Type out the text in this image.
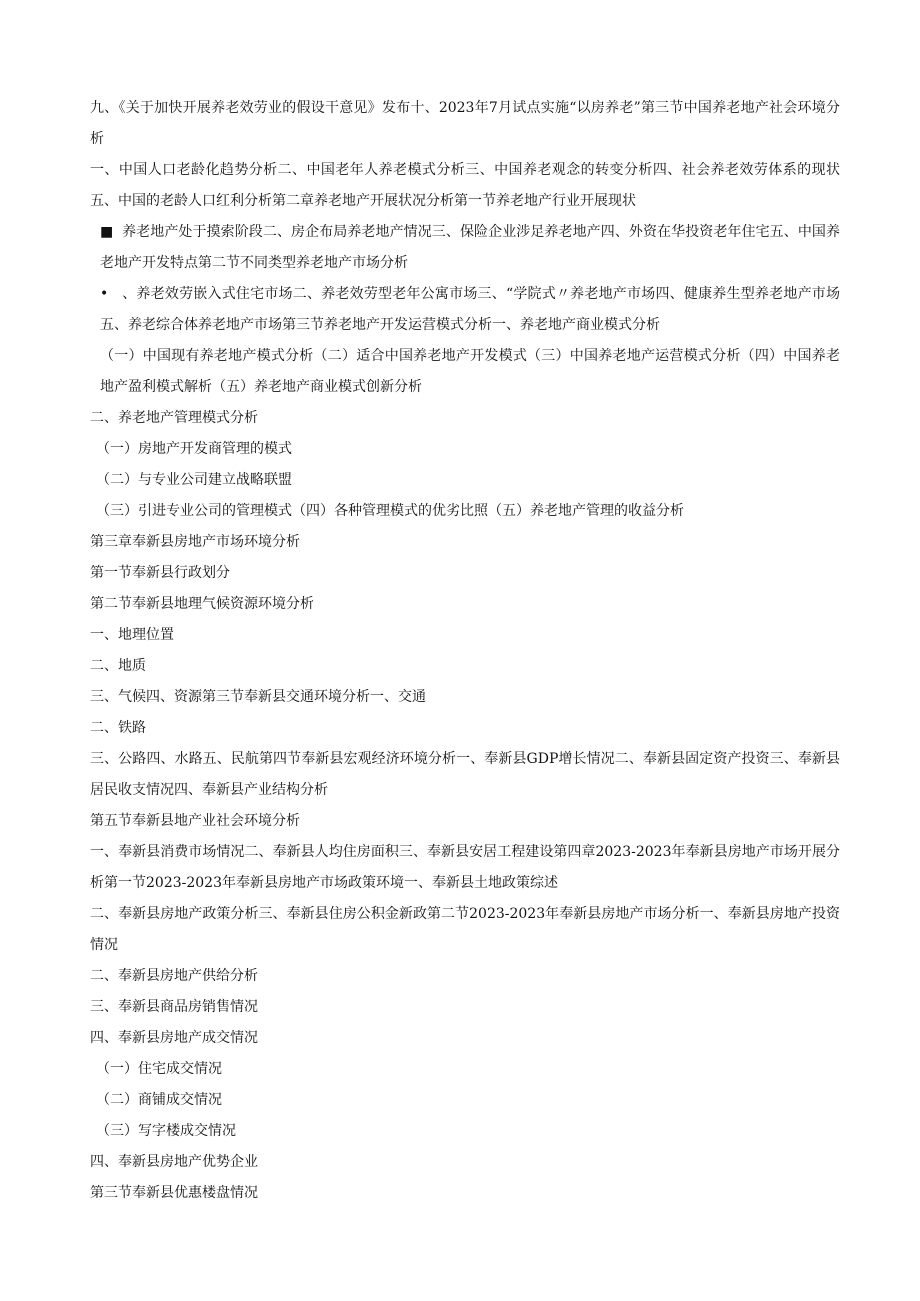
九、《关于加快开展养老效劳业的假设干意见》发布十、2023年7月试点实施“以房养老”第三节中国养老地产社会环境分析

一、中国人口老龄化趋势分析二、中国老年人养老模式分析三、中国养老观念的转变分析四、社会养老效劳体系的现状五、中国的老龄人口红利分析第二章养老地产开展状况分析第一节养老地产行业开展现状

■ 养老地产处于摸索阶段二、房企布局养老地产情况三、保险企业涉足养老地产四、外资在华投资老年住宅五、中国养老地产开发特点第二节不同类型养老地产市场分析

• 、养老效劳嵌入式住宅市场二、养老效劳型老年公寓市场三、“学院式〃养老地产市场四、健康养生型养老地产市场五、养老综合体养老地产市场第三节养老地产开发运营模式分析一、养老地产商业模式分析

（一）中国现有养老地产模式分析（二）适合中国养老地产开发模式（三）中国养老地产运营模式分析（四）中国养老地产盈利模式解析（五）养老地产商业模式创新分析

二、养老地产管理模式分析

（一）房地产开发商管理的模式

（二）与专业公司建立战略联盟

（三）引进专业公司的管理模式（四）各种管理模式的优劣比照（五）养老地产管理的收益分析

第三章奉新县房地产市场环境分析

第一节奉新县行政划分

第二节奉新县地理气候资源环境分析

一、地理位置

二、地质

三、气候四、资源第三节奉新县交通环境分析一、交通

二、铁路

三、公路四、水路五、民航第四节奉新县宏观经济环境分析一、奉新县GDP增长情况二、奉新县固定资产投资三、奉新县居民收支情况四、奉新县产业结构分析

第五节奉新县地产业社会环境分析

一、奉新县消费市场情况二、奉新县人均住房面积三、奉新县安居工程建设第四章2023-2023年奉新县房地产市场开展分析第一节2023-2023年奉新县房地产市场政策环境一、奉新县土地政策综述

二、奉新县房地产政策分析三、奉新县住房公积金新政第二节2023-2023年奉新县房地产市场分析一、奉新县房地产投资情况

二、奉新县房地产供给分析

三、奉新县商品房销售情况

四、奉新县房地产成交情况

（一）住宅成交情况

（二）商铺成交情况

（三）写字楼成交情况

四、奉新县房地产优势企业

第三节奉新县优惠楼盘情况
